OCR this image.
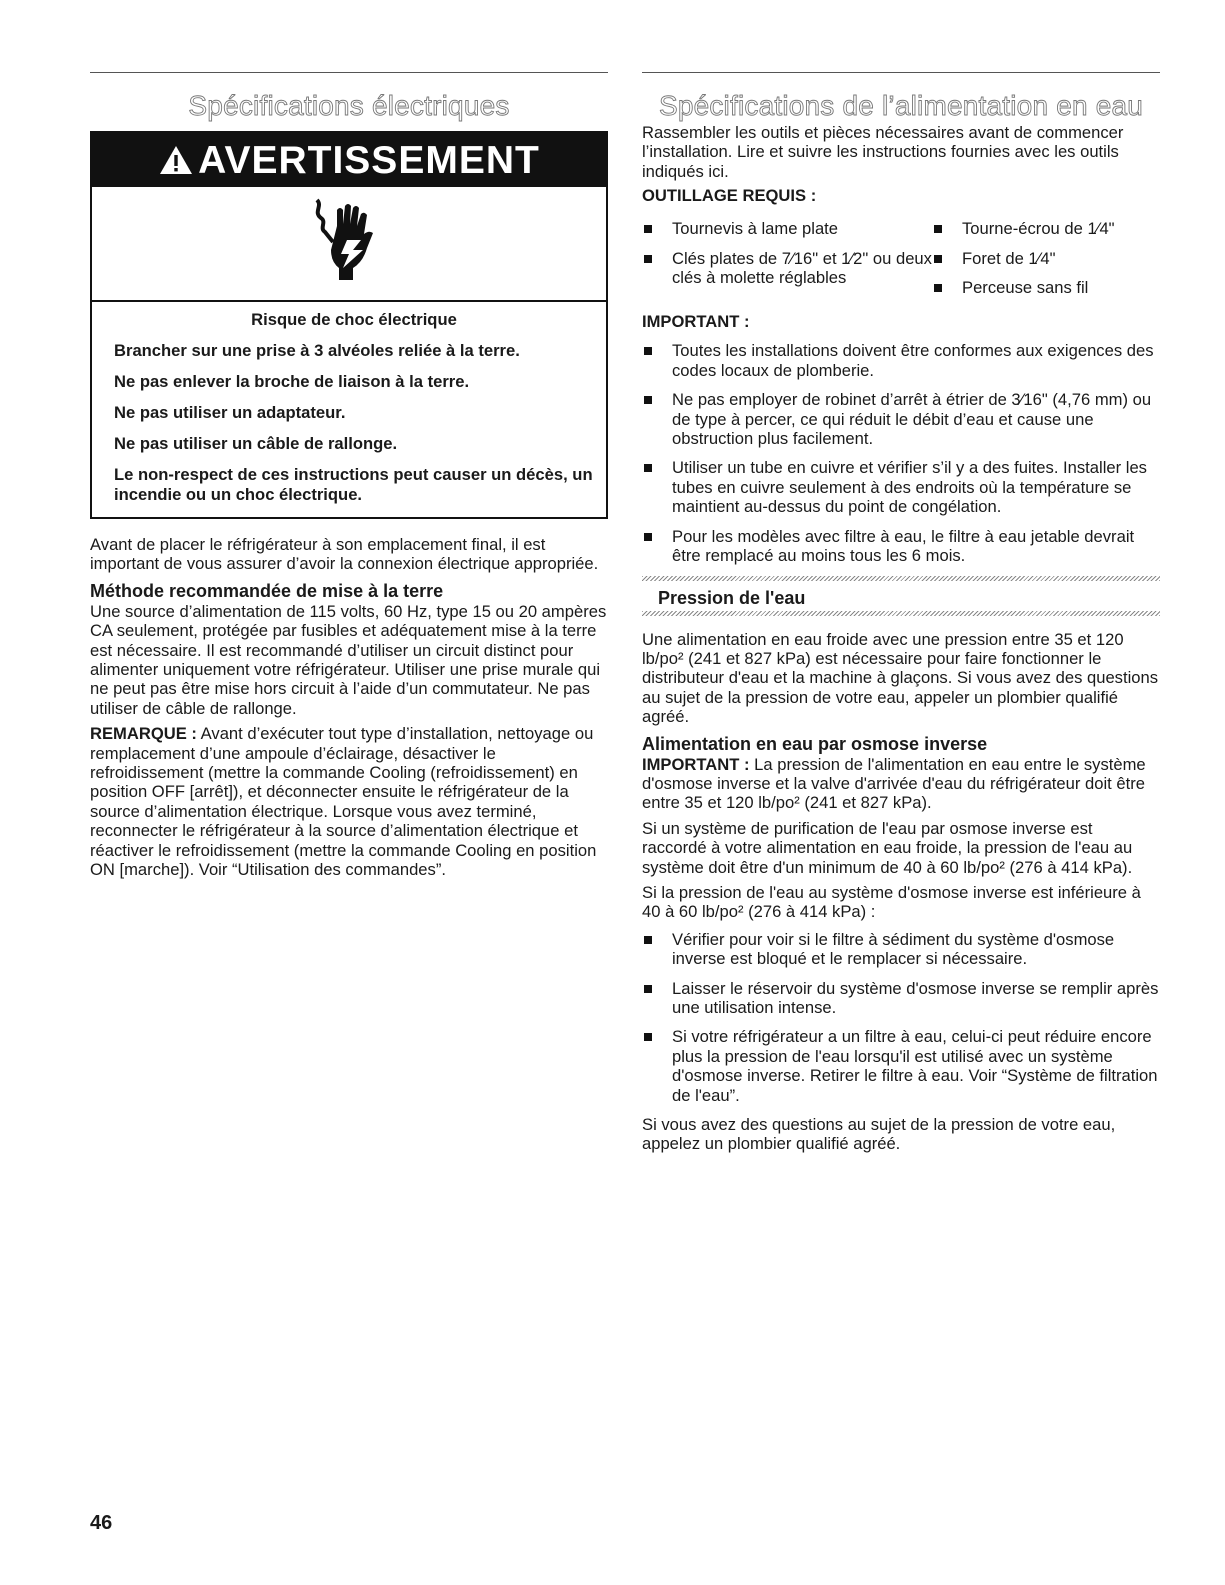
Spécifications électriques
AVERTISSEMENT

Risque de choc électrique

Brancher sur une prise à 3 alvéoles reliée à la terre.

Ne pas enlever la broche de liaison à la terre.

Ne pas utiliser un adaptateur.

Ne pas utiliser un câble de rallonge.

Le non-respect de ces instructions peut causer un décès, un incendie ou un choc électrique.

Avant de placer le réfrigérateur à son emplacement final, il est important de vous assurer d’avoir la connexion électrique appropriée.

Méthode recommandée de mise à la terre

Une source d’alimentation de 115 volts, 60 Hz, type 15 ou 20 ampères CA seulement, protégée par fusibles et adéquatement mise à la terre est nécessaire. Il est recommandé d’utiliser un circuit distinct pour alimenter uniquement votre réfrigérateur. Utiliser une prise murale qui ne peut pas être mise hors circuit à l’aide d’un commutateur. Ne pas utiliser de câble de rallonge.

REMARQUE : Avant d’exécuter tout type d’installation, nettoyage ou remplacement d’une ampoule d’éclairage, désactiver le refroidissement (mettre la commande Cooling (refroidissement) en position OFF [arrêt]), et déconnecter ensuite le réfrigérateur de la source d’alimentation électrique. Lorsque vous avez terminé, reconnecter le réfrigérateur à la source d’alimentation électrique et réactiver le refroidissement (mettre la commande Cooling en position ON [marche]). Voir “Utilisation des commandes”.

Spécifications de l’alimentation en eau

Rassembler les outils et pièces nécessaires avant de commencer l’installation. Lire et suivre les instructions fournies avec les outils indiqués ici.

OUTILLAGE REQUIS :
Tournevis à lame plate
Clés plates de 7⁄16" et 1⁄2" ou deux clés à molette réglables
Tourne-écrou de 1⁄4"
Foret de 1⁄4"
Perceuse sans fil
IMPORTANT :
Toutes les installations doivent être conformes aux exigences des codes locaux de plomberie.
Ne pas employer de robinet d’arrêt à étrier de 3⁄16" (4,76 mm) ou de type à percer, ce qui réduit le débit d’eau et cause une obstruction plus facilement.
Utiliser un tube en cuivre et vérifier s’il y a des fuites. Installer les tubes en cuivre seulement à des endroits où la température se maintient au-dessus du point de congélation.
Pour les modèles avec filtre à eau, le filtre à eau jetable devrait être remplacé au moins tous les 6 mois.
Pression de l'eau

Une alimentation en eau froide avec une pression entre 35 et 120 lb/po² (241 et 827 kPa) est nécessaire pour faire fonctionner le distributeur d'eau et la machine à glaçons. Si vous avez des questions au sujet de la pression de votre eau, appeler un plombier qualifié agréé.

Alimentation en eau par osmose inverse

IMPORTANT : La pression de l'alimentation en eau entre le système d'osmose inverse et la valve d'arrivée d'eau du réfrigérateur doit être entre 35 et 120 lb/po² (241 et 827 kPa).

Si un système de purification de l'eau par osmose inverse est raccordé à votre alimentation en eau froide, la pression de l'eau au système doit être d'un minimum de 40 à 60 lb/po² (276 à 414 kPa).

Si la pression de l'eau au système d'osmose inverse est inférieure à 40 à 60 lb/po² (276 à 414 kPa) :

Vérifier pour voir si le filtre à sédiment du système d'osmose inverse est bloqué et le remplacer si nécessaire.
Laisser le réservoir du système d'osmose inverse se remplir après une utilisation intense.
Si votre réfrigérateur a un filtre à eau, celui-ci peut réduire encore plus la pression de l'eau lorsqu'il est utilisé avec un système d'osmose inverse. Retirer le filtre à eau. Voir “Système de filtration de l'eau”.

Si vous avez des questions au sujet de la pression de votre eau, appelez un plombier qualifié agréé.

46
